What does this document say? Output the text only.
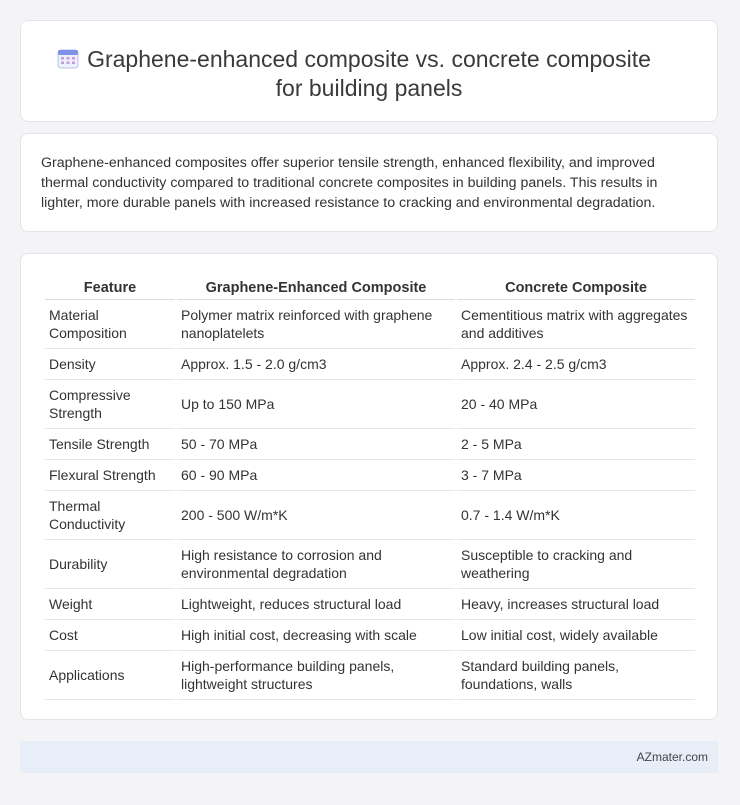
Graphene-enhanced composite vs. concrete composite
for building panels

Graphene-enhanced composites offer superior tensile strength, enhanced flexibility, and improved thermal conductivity compared to traditional concrete composites in building panels. This results in lighter, more durable panels with increased resistance to cracking and environmental degradation.

Feature	Graphene-Enhanced Composite	Concrete Composite
Material Composition	Polymer matrix reinforced with graphene nanoplatelets	Cementitious matrix with aggregates and additives
Density	Approx. 1.5 - 2.0 g/cm3	Approx. 2.4 - 2.5 g/cm3
Compressive Strength	Up to 150 MPa	20 - 40 MPa
Tensile Strength	50 - 70 MPa	2 - 5 MPa
Flexural Strength	60 - 90 MPa	3 - 7 MPa
Thermal Conductivity	200 - 500 W/m*K	0.7 - 1.4 W/m*K
Durability	High resistance to corrosion and environmental degradation	Susceptible to cracking and weathering
Weight	Lightweight, reduces structural load	Heavy, increases structural load
Cost	High initial cost, decreasing with scale	Low initial cost, widely available
Applications	High-performance building panels, lightweight structures	Standard building panels, foundations, walls
AZmater.com
